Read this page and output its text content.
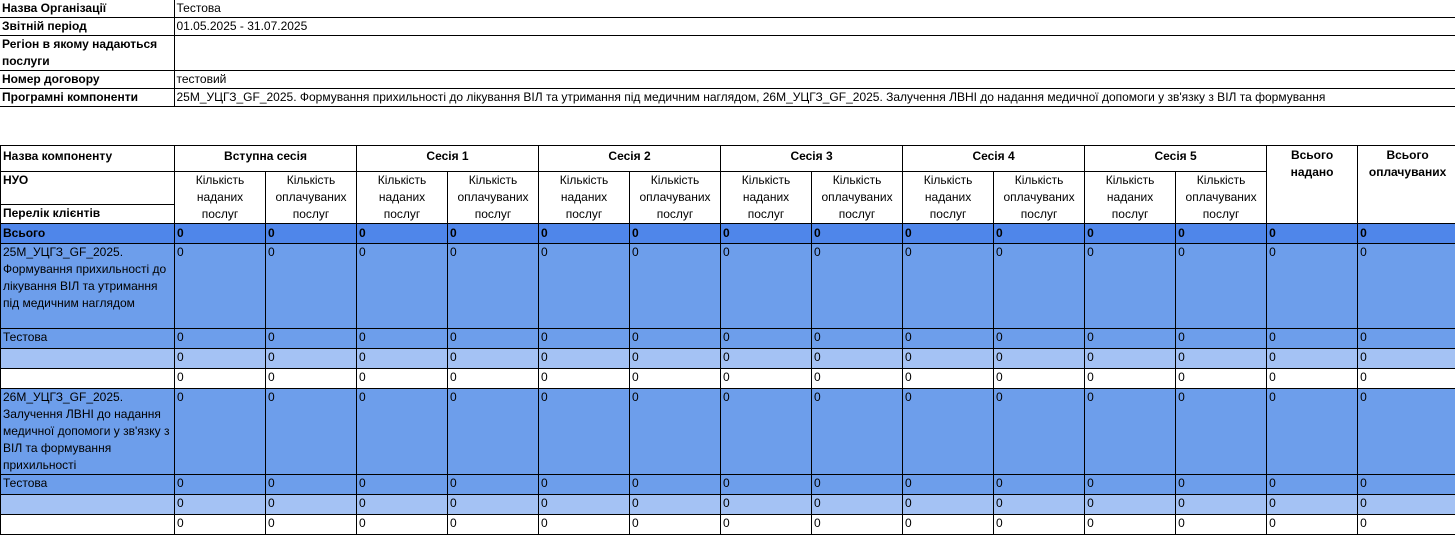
Назва Організації	Тестова
Звітній період	01.05.2025 - 31.07.2025
Регіон в якому надаються послуги	
Номер договору	тестовий
Програмні компоненти	25M_УЦГЗ_GF_2025. Формування прихильності до лікування ВІЛ та утримання під медичним наглядом, 26M_УЦГЗ_GF_2025. Залучення ЛВНІ до надання медичної допомоги у зв'язку з ВІЛ та формування
Назва компоненту	Вступна сесія		Сесія 1		Сесія 2		Сесія 3		Сесія 4		Сесія 5		Всього надано	Всього оплачуваних
НУО	Кількість наданих послуг	Кількість оплачуваних послуг	Кількість наданих послуг	Кількість оплачуваних послуг	Кількість наданих послуг	Кількість оплачуваних послуг	Кількість наданих послуг	Кількість оплачуваних послуг	Кількість наданих послуг	Кількість оплачуваних послуг	Кількість наданих послуг	Кількість оплачуваних послуг		
Перелік клієнтів														
Всього	0	0	0	0	0	0	0	0	0	0	0	0	0	0
25M_УЦГЗ_GF_2025. Формування прихильності до лікування ВІЛ та утримання під медичним наглядом	0	0	0	0	0	0	0	0	0	0	0	0	0	0
Тестова	0	0	0	0	0	0	0	0	0	0	0	0	0	0
	0	0	0	0	0	0	0	0	0	0	0	0	0	0
	0	0	0	0	0	0	0	0	0	0	0	0	0	0
26M_УЦГЗ_GF_2025. Залучення ЛВНІ до надання медичної допомоги у зв'язку з ВІЛ та формування прихильності	0	0	0	0	0	0	0	0	0	0	0	0	0	0
Тестова	0	0	0	0	0	0	0	0	0	0	0	0	0	0
	0	0	0	0	0	0	0	0	0	0	0	0	0	0
	0	0	0	0	0	0	0	0	0	0	0	0	0	0
